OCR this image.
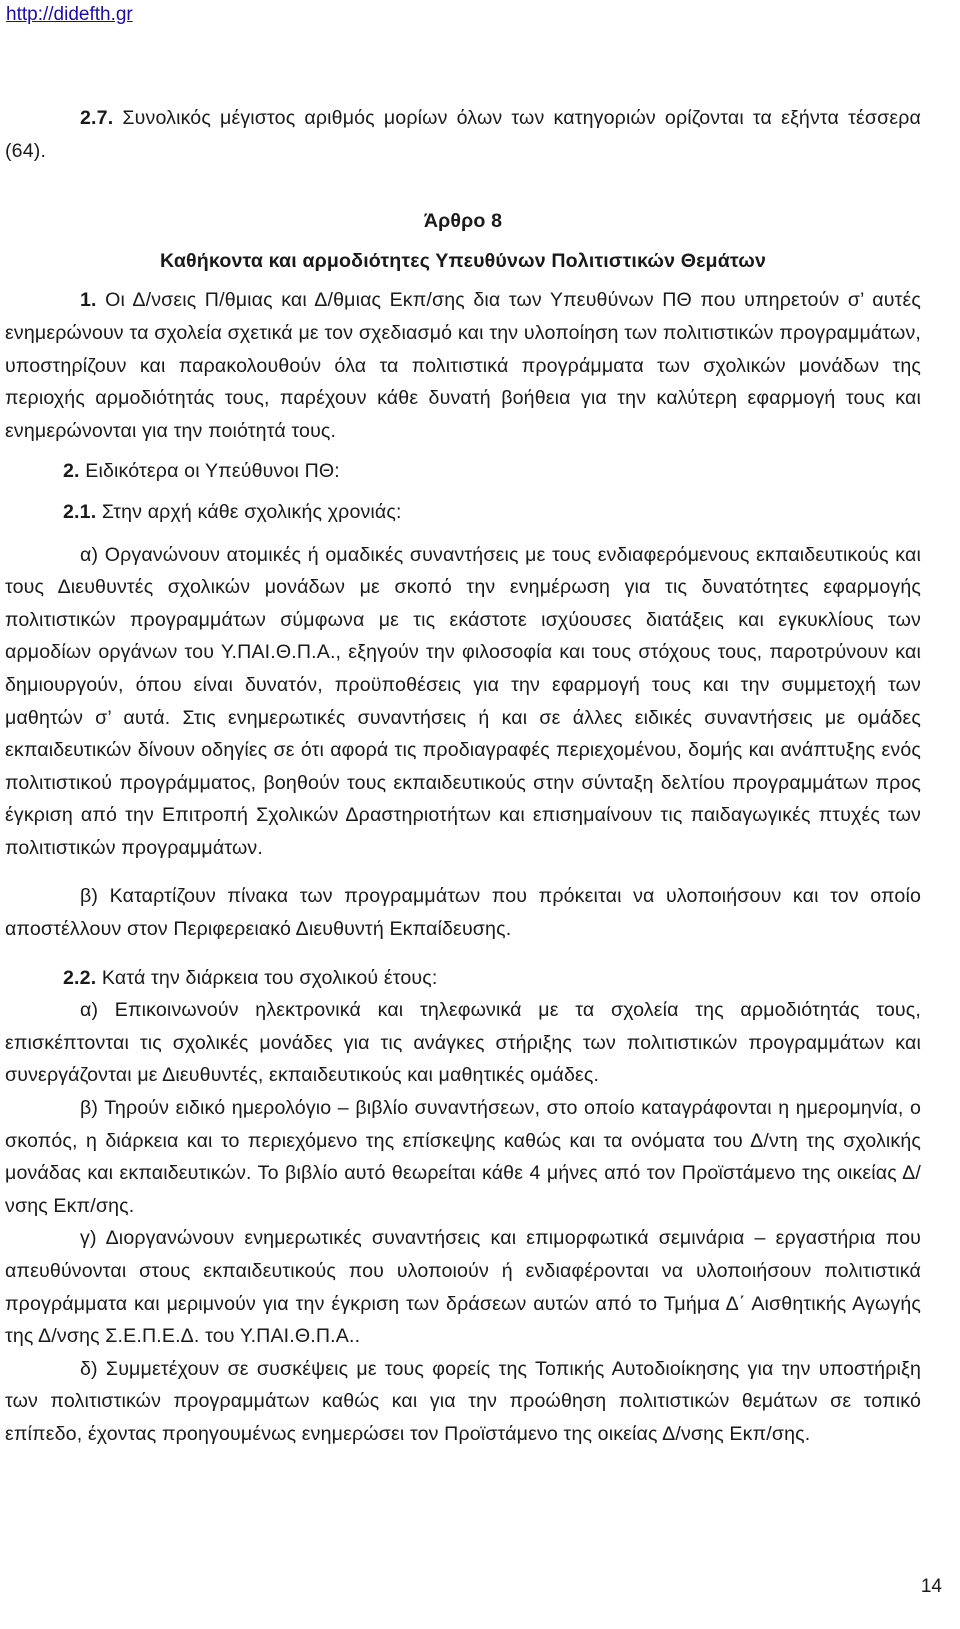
http://didefth.gr

2.7. Συνολικός μέγιστος αριθμός μορίων όλων των κατηγοριών ορίζονται τα εξήντα τέσσερα (64).

Άρθρο 8

Καθήκοντα και αρμοδιότητες Υπευθύνων Πολιτιστικών Θεμάτων

1. Οι Δ/νσεις Π/θμιας και Δ/θμιας Εκπ/σης δια των Υπευθύνων ΠΘ που υπηρετούν σ’ αυτές ενημερώνουν τα σχολεία σχετικά με τον σχεδιασμό και την υλοποίηση των πολιτιστικών προγραμμάτων, υποστηρίζουν και παρακολουθούν όλα τα πολιτιστικά προγράμματα των σχολικών μονάδων της περιοχής αρμοδιότητάς τους, παρέχουν κάθε δυνατή βοήθεια για την καλύτερη εφαρμογή τους και ενημερώνονται για την ποιότητά τους.

2. Ειδικότερα οι Υπεύθυνοι ΠΘ:

2.1. Στην αρχή κάθε σχολικής χρονιάς:

α) Οργανώνουν ατομικές ή ομαδικές συναντήσεις με τους ενδιαφερόμενους εκπαιδευτικούς και τους Διευθυντές σχολικών μονάδων με σκοπό την ενημέρωση για τις δυνατότητες εφαρμογής πολιτιστικών προγραμμάτων σύμφωνα με τις εκάστοτε ισχύουσες διατάξεις και εγκυκλίους των αρμοδίων οργάνων του Υ.ΠΑΙ.Θ.Π.Α., εξηγούν την φιλοσοφία και τους στόχους τους, παροτρύνουν και δημιουργούν, όπου είναι δυνατόν, προϋποθέσεις για την εφαρμογή τους και την συμμετοχή των μαθητών σ’ αυτά. Στις ενημερωτικές συναντήσεις ή και σε άλλες ειδικές συναντήσεις με ομάδες εκπαιδευτικών δίνουν οδηγίες σε ότι αφορά τις προδιαγραφές περιεχομένου, δομής και ανάπτυξης ενός πολιτιστικού προγράμματος, βοηθούν τους εκπαιδευτικούς στην σύνταξη δελτίου προγραμμάτων προς έγκριση από την Επιτροπή Σχολικών Δραστηριοτήτων και επισημαίνουν τις παιδαγωγικές πτυχές των πολιτιστικών προγραμμάτων.

β) Καταρτίζουν πίνακα των προγραμμάτων που πρόκειται να υλοποιήσουν και τον οποίο αποστέλλουν στον Περιφερειακό Διευθυντή Εκπαίδευσης.

2.2. Κατά την διάρκεια του σχολικού έτους:

α) Επικοινωνούν ηλεκτρονικά και τηλεφωνικά με τα σχολεία της αρμοδιότητάς τους, επισκέπτονται τις σχολικές μονάδες για τις ανάγκες στήριξης των πολιτιστικών προγραμμάτων και συνεργάζονται με Διευθυντές, εκπαιδευτικούς και μαθητικές ομάδες.

β) Τηρούν ειδικό ημερολόγιο – βιβλίο συναντήσεων, στο οποίο καταγράφονται η ημερομηνία, ο σκοπός, η διάρκεια και το περιεχόμενο της επίσκεψης καθώς και τα ονόματα του Δ/ντη της σχολικής μονάδας και εκπαιδευτικών. Το βιβλίο αυτό θεωρείται κάθε 4 μήνες από τον Προϊστάμενο της οικείας Δ/νσης Εκπ/σης.

γ) Διοργανώνουν ενημερωτικές συναντήσεις και επιμορφωτικά σεμινάρια – εργαστήρια που απευθύνονται στους εκπαιδευτικούς που υλοποιούν ή ενδιαφέρονται να υλοποιήσουν πολιτιστικά προγράμματα και μεριμνούν για την έγκριση των δράσεων αυτών από το Τμήμα Δ΄ Αισθητικής Αγωγής της Δ/νσης Σ.Ε.Π.Ε.Δ. του Υ.ΠΑΙ.Θ.Π.Α..

δ) Συμμετέχουν σε συσκέψεις με τους φορείς της Τοπικής Αυτοδιοίκησης για την υποστήριξη των πολιτιστικών προγραμμάτων καθώς και για την προώθηση πολιτιστικών θεμάτων σε τοπικό επίπεδο, έχοντας προηγουμένως ενημερώσει τον Προϊστάμενο της οικείας Δ/νσης Εκπ/σης.

14
